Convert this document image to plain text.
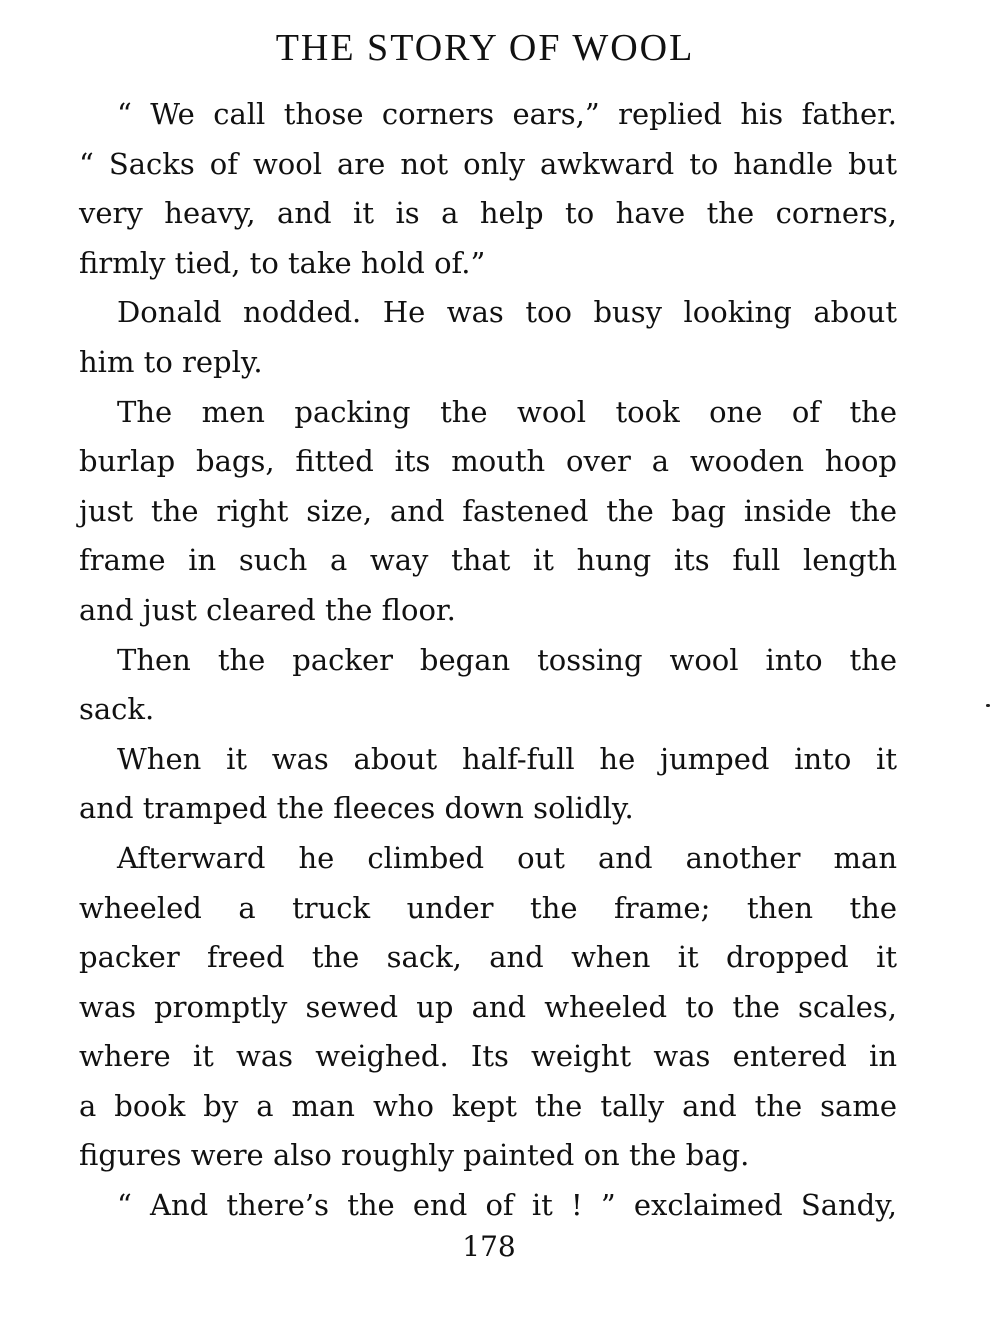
THE STORY OF WOOL

“ We call those corners ears,” replied his father.
“ Sacks of wool are not only awkward to handle but
very heavy, and it is a help to have the corners,
firmly tied, to take hold of.”

Donald nodded. He was too busy looking about
him to reply.

The men packing the wool took one of the
burlap bags, fitted its mouth over a wooden hoop
just the right size, and fastened the bag inside the
frame in such a way that it hung its full length
and just cleared the floor.

Then the packer began tossing wool into the
sack.

When it was about half-full he jumped into it
and tramped the fleeces down solidly.

Afterward he climbed out and another man
wheeled a truck under the frame; then the
packer freed the sack, and when it dropped it
was promptly sewed up and wheeled to the scales,
where it was weighed. Its weight was entered in
a book by a man who kept the tally and the same
figures were also roughly painted on the bag.

“ And there’s the end of it ! ” exclaimed Sandy,

178
